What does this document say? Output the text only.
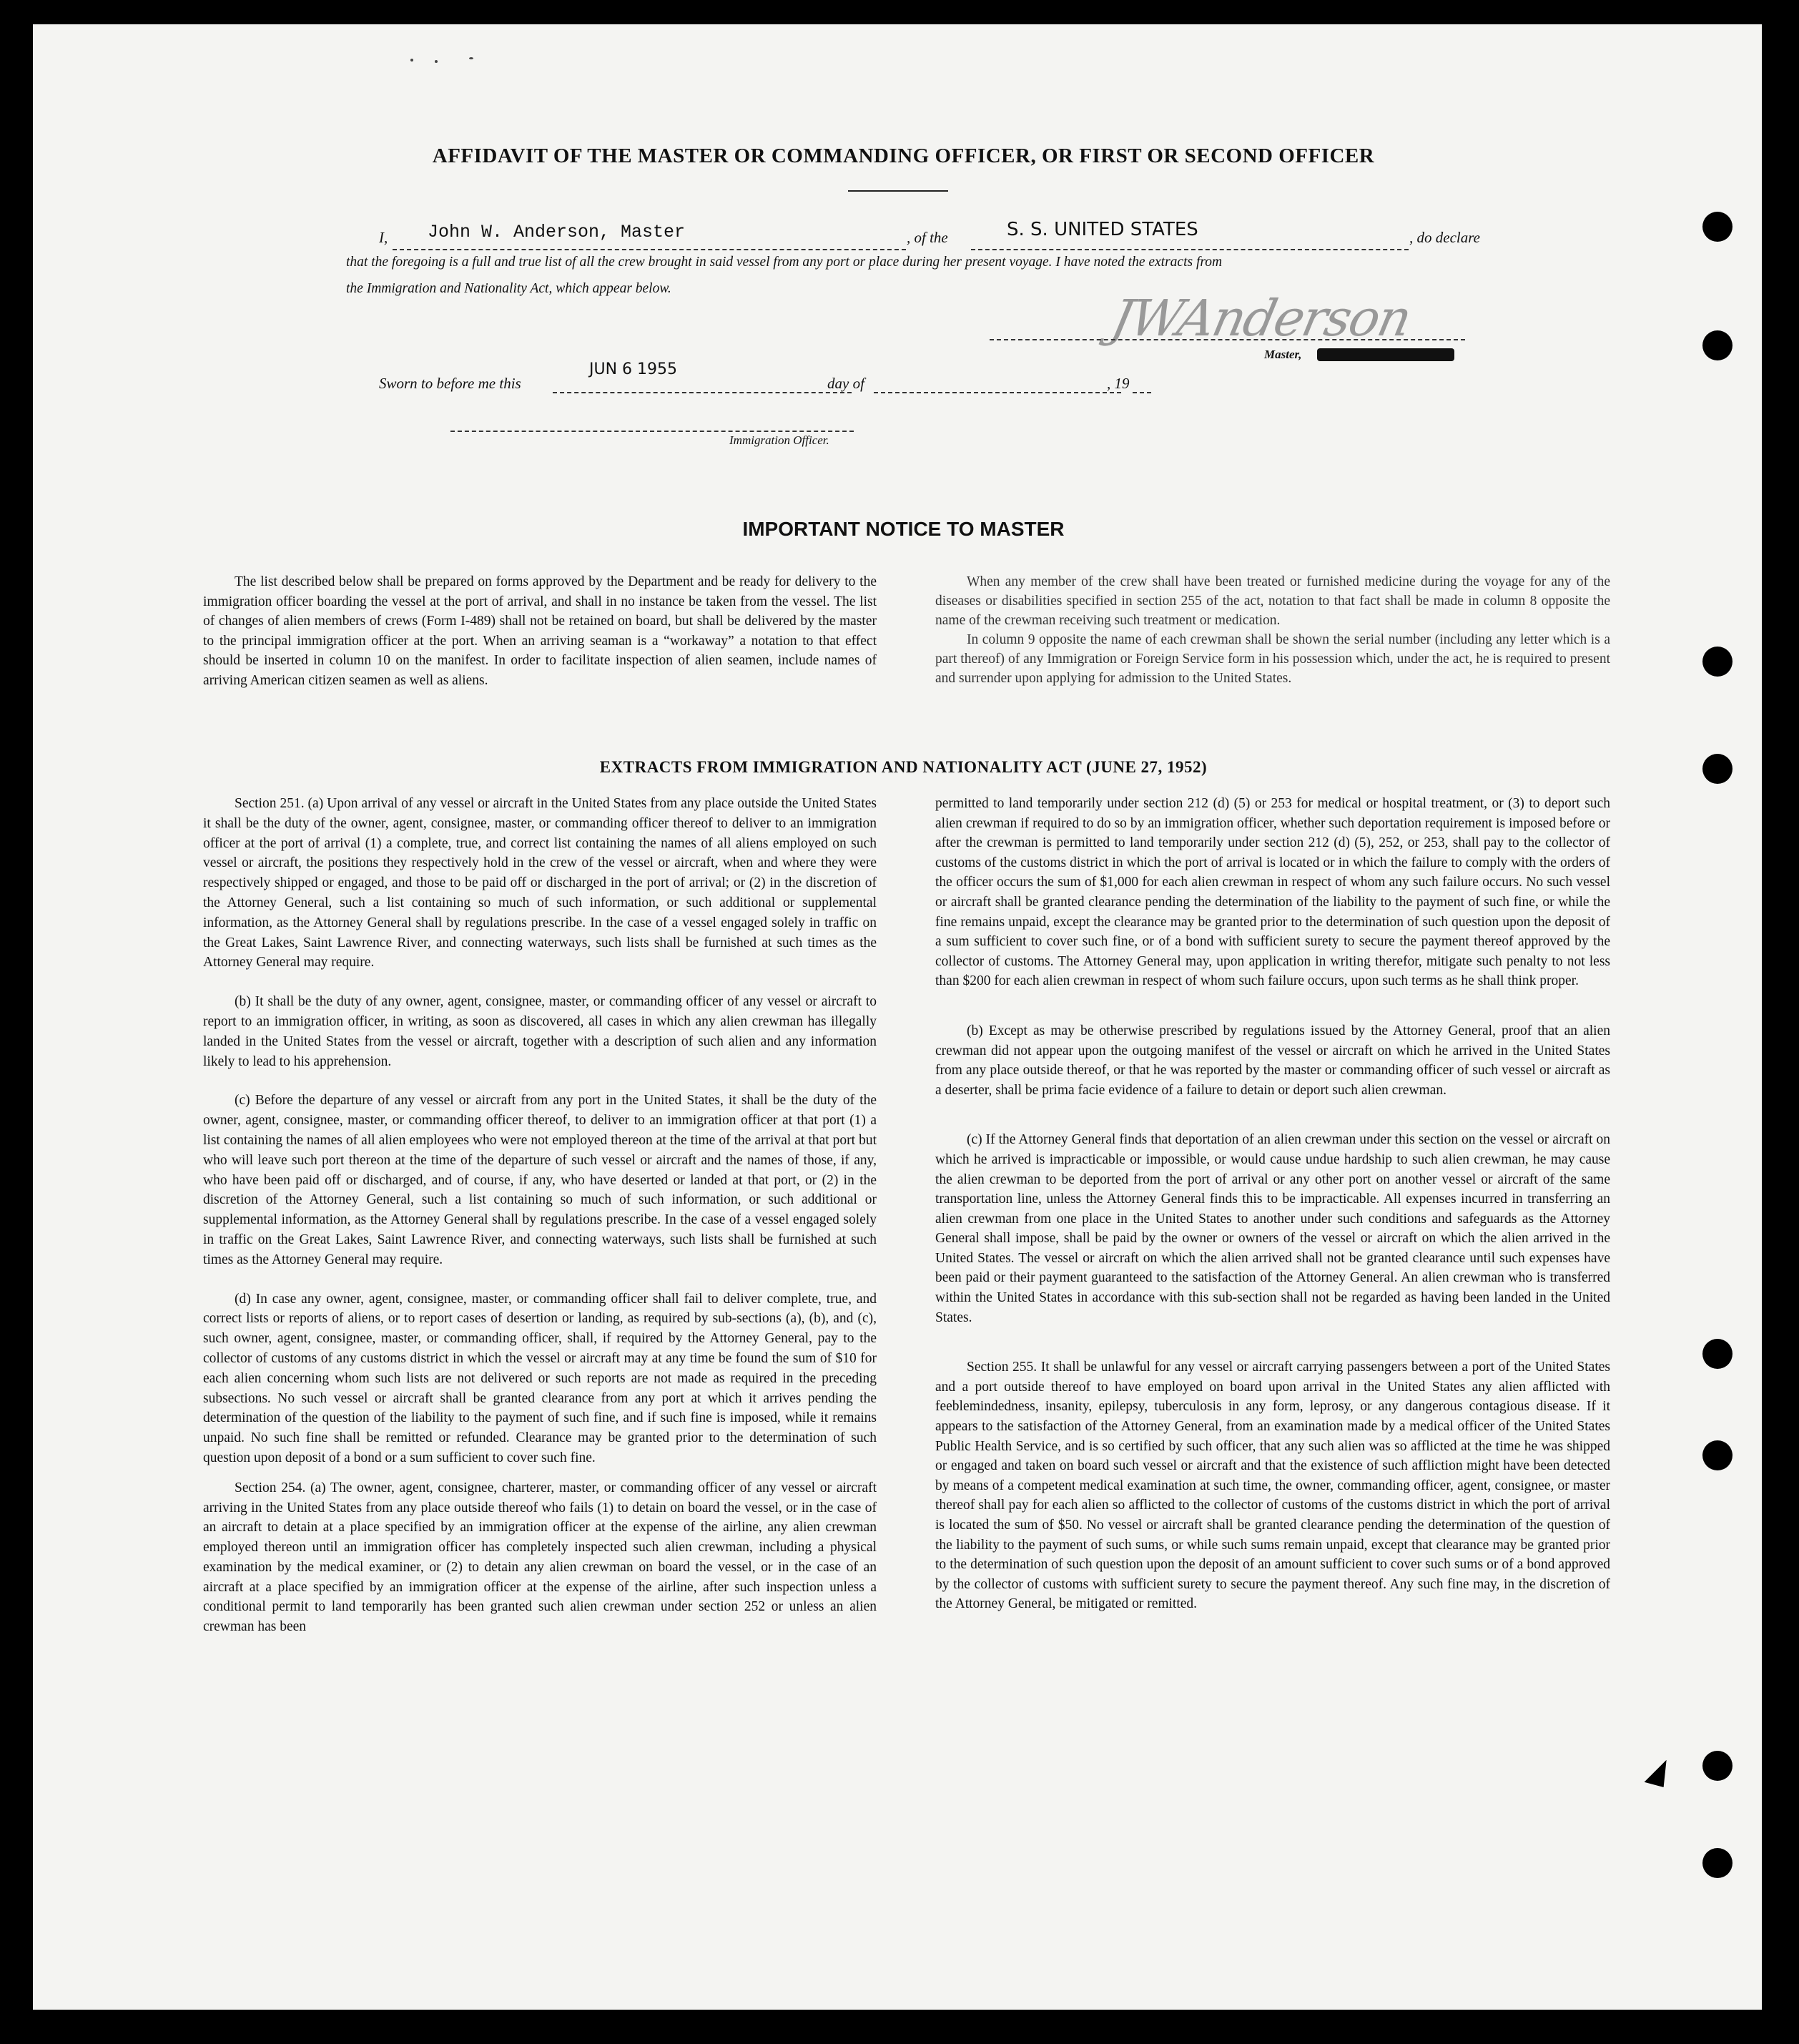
AFFIDAVIT OF THE MASTER OR COMMANDING OFFICER, OR FIRST OR SECOND OFFICER
I, John W. Anderson, Master	, of the	S. S. UNITED STATES	, do declare
that the foregoing is a full and true list of all the crew brought in said vessel from any port or place during her present voyage. I have noted the extracts from
the Immigration and Nationality Act, which appear below.
JWAnderson
Master,
Sworn to before me this
JUN 6 1955
day of	, 19
Immigration Officer.
IMPORTANT NOTICE TO MASTER

The list described below shall be prepared on forms approved by the Department and be ready for delivery to the immigration officer boarding the vessel at the port of arrival, and shall in no instance be taken from the vessel. The list of changes of alien members of crews (Form I-489) shall not be retained on board, but shall be delivered by the master to the principal immigration officer at the port. When an arriving seaman is a “workaway” a notation to that effect should be inserted in column 10 on the manifest. In order to facilitate inspection of alien seamen, include names of arriving American citizen seamen as well as aliens.

When any member of the crew shall have been treated or furnished medicine during the voyage for any of the diseases or disabilities specified in section 255 of the act, notation to that fact shall be made in column 8 opposite the name of the crewman receiving such treatment or medication.

In column 9 opposite the name of each crewman shall be shown the serial number (including any letter which is a part thereof) of any Immigration or Foreign Service form in his possession which, under the act, he is required to present and surrender upon applying for admission to the United States.

EXTRACTS FROM IMMIGRATION AND NATIONALITY ACT (JUNE 27, 1952)

Section 251. (a) Upon arrival of any vessel or aircraft in the United States from any place outside the United States it shall be the duty of the owner, agent, consignee, master, or commanding officer thereof to deliver to an immigration officer at the port of arrival (1) a complete, true, and correct list containing the names of all aliens employed on such vessel or aircraft, the positions they respectively hold in the crew of the vessel or aircraft, when and where they were respectively shipped or engaged, and those to be paid off or discharged in the port of arrival; or (2) in the discretion of the Attorney General, such a list containing so much of such information, or such additional or supplemental information, as the Attorney General shall by regulations prescribe. In the case of a vessel engaged solely in traffic on the Great Lakes, Saint Lawrence River, and connecting waterways, such lists shall be furnished at such times as the Attorney General may require.

(b) It shall be the duty of any owner, agent, consignee, master, or commanding officer of any vessel or aircraft to report to an immigration officer, in writing, as soon as discovered, all cases in which any alien crewman has illegally landed in the United States from the vessel or aircraft, together with a description of such alien and any information likely to lead to his apprehension.

(c) Before the departure of any vessel or aircraft from any port in the United States, it shall be the duty of the owner, agent, consignee, master, or commanding officer thereof, to deliver to an immigration officer at that port (1) a list containing the names of all alien employees who were not employed thereon at the time of the arrival at that port but who will leave such port thereon at the time of the departure of such vessel or aircraft and the names of those, if any, who have been paid off or discharged, and of course, if any, who have deserted or landed at that port, or (2) in the discretion of the Attorney General, such a list containing so much of such information, or such additional or supplemental information, as the Attorney General shall by regulations prescribe. In the case of a vessel engaged solely in traffic on the Great Lakes, Saint Lawrence River, and connecting waterways, such lists shall be furnished at such times as the Attorney General may require.

(d) In case any owner, agent, consignee, master, or commanding officer shall fail to deliver complete, true, and correct lists or reports of aliens, or to report cases of desertion or landing, as required by sub-sections (a), (b), and (c), such owner, agent, consignee, master, or commanding officer, shall, if required by the Attorney General, pay to the collector of customs of any customs district in which the vessel or aircraft may at any time be found the sum of $10 for each alien concerning whom such lists are not delivered or such reports are not made as required in the preceding subsections. No such vessel or aircraft shall be granted clearance from any port at which it arrives pending the determination of the question of the liability to the payment of such fine, and if such fine is imposed, while it remains unpaid. No such fine shall be remitted or refunded. Clearance may be granted prior to the determination of such question upon deposit of a bond or a sum sufficient to cover such fine.

Section 254. (a) The owner, agent, consignee, charterer, master, or commanding officer of any vessel or aircraft arriving in the United States from any place outside thereof who fails (1) to detain on board the vessel, or in the case of an aircraft to detain at a place specified by an immigration officer at the expense of the airline, any alien crewman employed thereon until an immigration officer has completely inspected such alien crewman, including a physical examination by the medical examiner, or (2) to detain any alien crewman on board the vessel, or in the case of an aircraft at a place specified by an immigration officer at the expense of the airline, after such inspection unless a conditional permit to land temporarily has been granted such alien crewman under section 252 or unless an alien crewman has been

permitted to land temporarily under section 212 (d) (5) or 253 for medical or hospital treatment, or (3) to deport such alien crewman if required to do so by an immigration officer, whether such deportation requirement is imposed before or after the crewman is permitted to land temporarily under section 212 (d) (5), 252, or 253, shall pay to the collector of customs of the customs district in which the port of arrival is located or in which the failure to comply with the orders of the officer occurs the sum of $1,000 for each alien crewman in respect of whom any such failure occurs. No such vessel or aircraft shall be granted clearance pending the determination of the liability to the payment of such fine, or while the fine remains unpaid, except the clearance may be granted prior to the determination of such question upon the deposit of a sum sufficient to cover such fine, or of a bond with sufficient surety to secure the payment thereof approved by the collector of customs. The Attorney General may, upon application in writing therefor, mitigate such penalty to not less than $200 for each alien crewman in respect of whom such failure occurs, upon such terms as he shall think proper.

(b) Except as may be otherwise prescribed by regulations issued by the Attorney General, proof that an alien crewman did not appear upon the outgoing manifest of the vessel or aircraft on which he arrived in the United States from any place outside thereof, or that he was reported by the master or commanding officer of such vessel or aircraft as a deserter, shall be prima facie evidence of a failure to detain or deport such alien crewman.

(c) If the Attorney General finds that deportation of an alien crewman under this section on the vessel or aircraft on which he arrived is impracticable or impossible, or would cause undue hardship to such alien crewman, he may cause the alien crewman to be deported from the port of arrival or any other port on another vessel or aircraft of the same transportation line, unless the Attorney General finds this to be impracticable. All expenses incurred in transferring an alien crewman from one place in the United States to another under such conditions and safeguards as the Attorney General shall impose, shall be paid by the owner or owners of the vessel or aircraft on which the alien arrived in the United States. The vessel or aircraft on which the alien arrived shall not be granted clearance until such expenses have been paid or their payment guaranteed to the satisfaction of the Attorney General. An alien crewman who is transferred within the United States in accordance with this sub-section shall not be regarded as having been landed in the United States.

Section 255. It shall be unlawful for any vessel or aircraft carrying passengers between a port of the United States and a port outside thereof to have employed on board upon arrival in the United States any alien afflicted with feeblemindedness, insanity, epilepsy, tuberculosis in any form, leprosy, or any dangerous contagious disease. If it appears to the satisfaction of the Attorney General, from an examination made by a medical officer of the United States Public Health Service, and is so certified by such officer, that any such alien was so afflicted at the time he was shipped or engaged and taken on board such vessel or aircraft and that the existence of such affliction might have been detected by means of a competent medical examination at such time, the owner, commanding officer, agent, consignee, or master thereof shall pay for each alien so afflicted to the collector of customs of the customs district in which the port of arrival is located the sum of $50. No vessel or aircraft shall be granted clearance pending the determination of the question of the liability to the payment of such sums, or while such sums remain unpaid, except that clearance may be granted prior to the determination of such question upon the deposit of an amount sufficient to cover such sums or of a bond approved by the collector of customs with sufficient surety to secure the payment thereof. Any such fine may, in the discretion of the Attorney General, be mitigated or remitted.
